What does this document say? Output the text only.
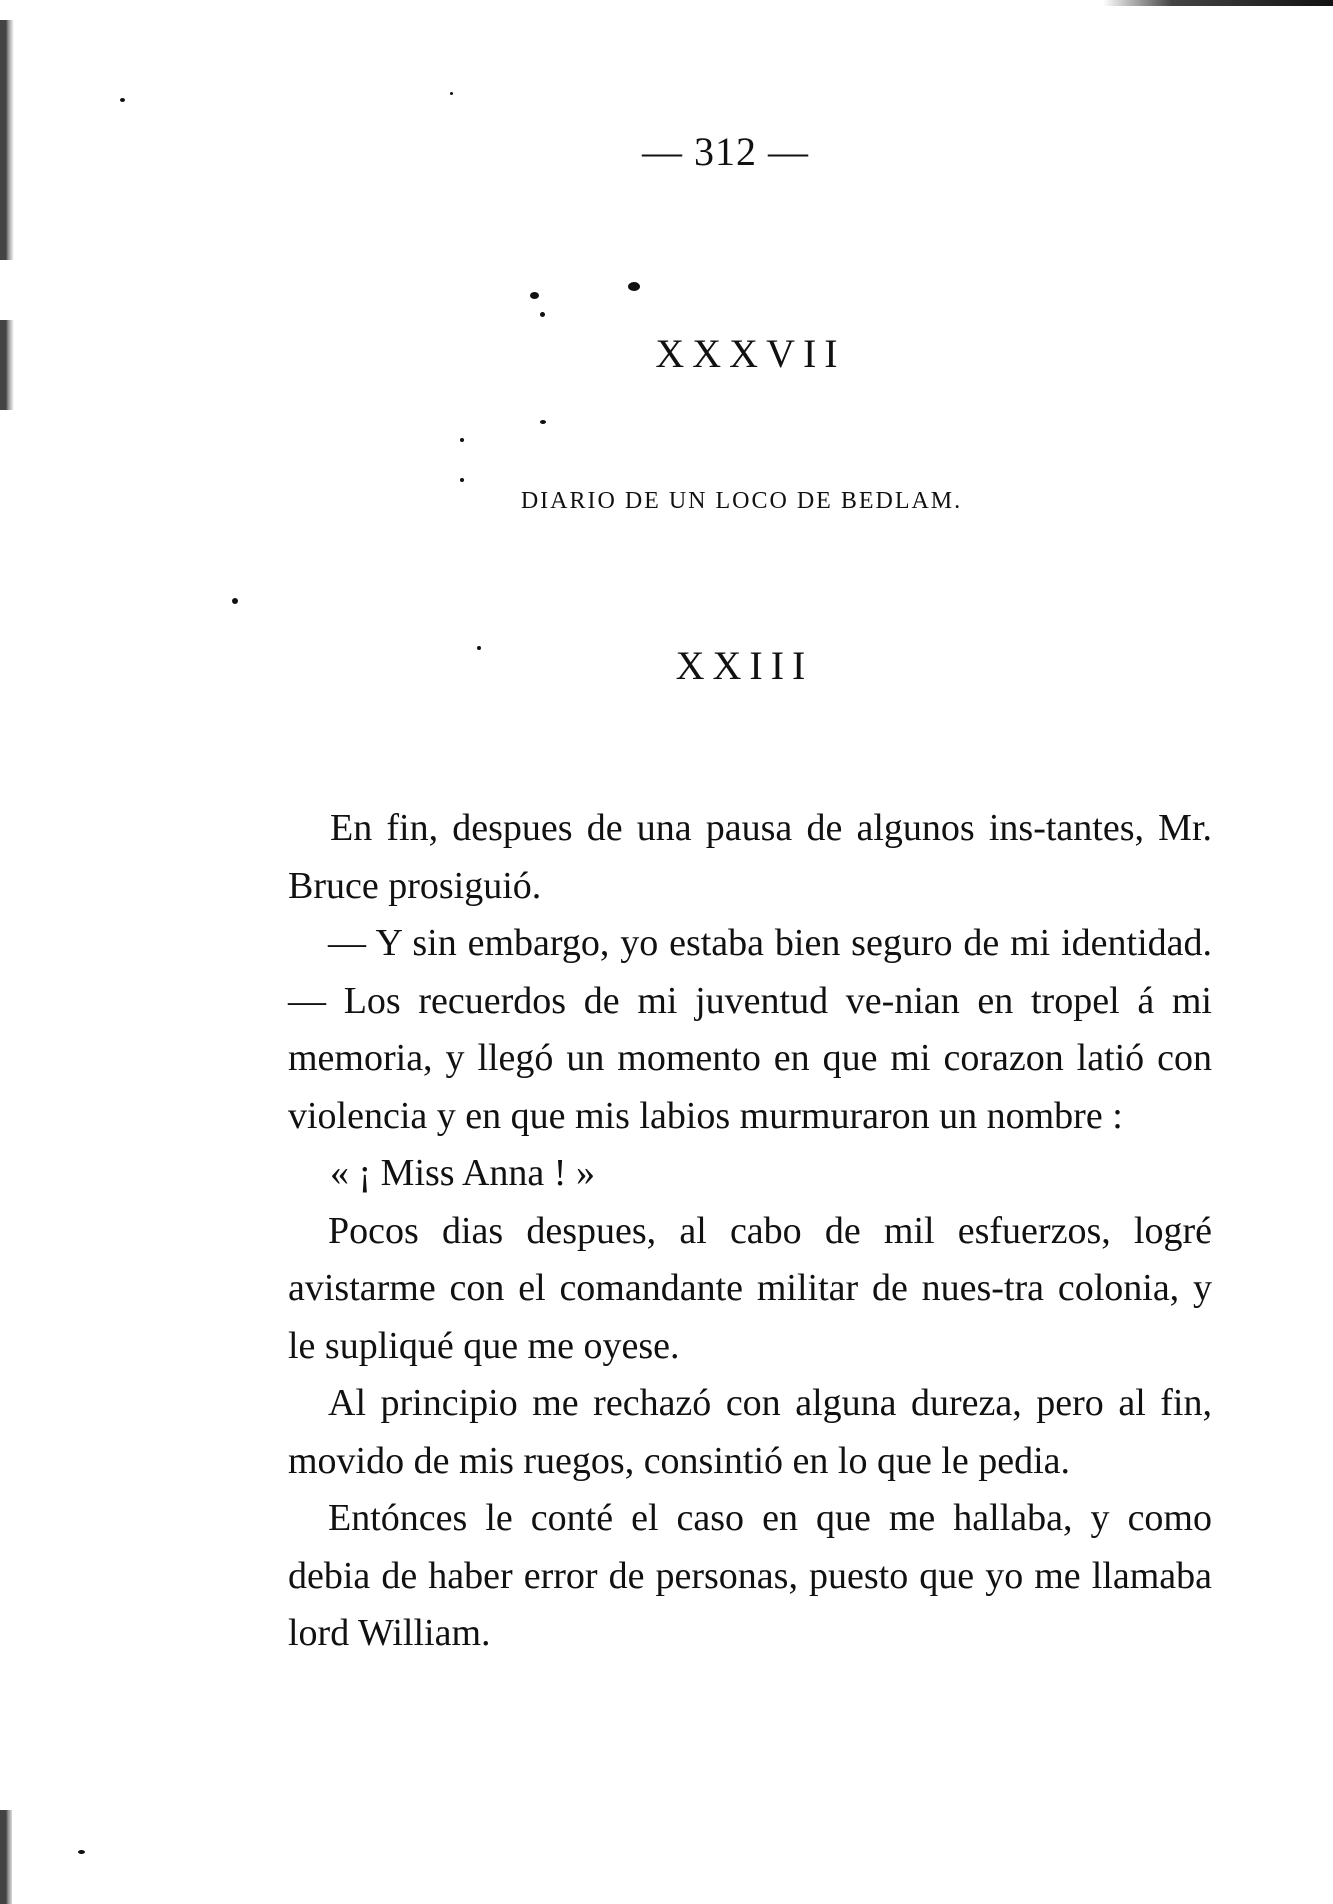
— 312 —
XXXVII
DIARIO DE UN LOCO DE BEDLAM.
XXIII

En fin, despues de una pausa de algunos ins-tantes, Mr. Bruce prosiguió.

— Y sin embargo, yo estaba bien seguro de mi identidad. — Los recuerdos de mi juventud ve-nian en tropel á mi memoria, y llegó un momento en que mi corazon latió con violencia y en que mis labios murmuraron un nombre :

« ¡ Miss Anna ! »

Pocos dias despues, al cabo de mil esfuerzos, logré avistarme con el comandante militar de nues-tra colonia, y le supliqué que me oyese.

Al principio me rechazó con alguna dureza, pero al fin, movido de mis ruegos, consintió en lo que le pedia.

Entónces le conté el caso en que me hallaba, y como debia de haber error de personas, puesto que yo me llamaba lord William.
